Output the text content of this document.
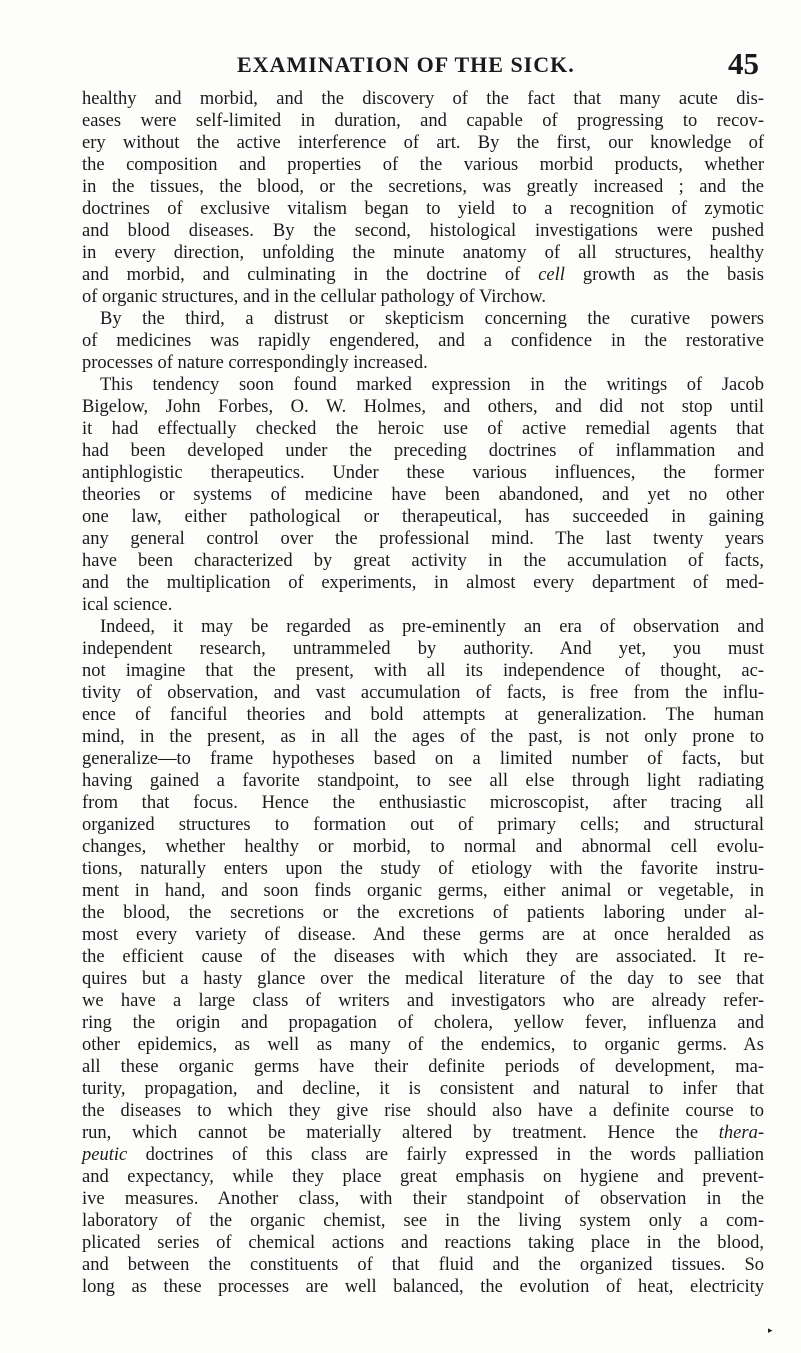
EXAMINATION OF THE SICK.	45
healthy and morbid, and the discovery of the fact that many acute dis-
eases were self-limited in duration, and capable of progressing to recov-
ery without the active interference of art. By the first, our knowledge of
the composition and properties of the various morbid products, whether
in the tissues, the blood, or the secretions, was greatly increased ; and the
doctrines of exclusive vitalism began to yield to a recognition of zymotic
and blood diseases. By the second, histological investigations were pushed
in every direction, unfolding the minute anatomy of all structures, healthy
and morbid, and culminating in the doctrine of cell growth as the basis
of organic structures, and in the cellular pathology of Virchow.
By the third, a distrust or skepticism concerning the curative powers
of medicines was rapidly engendered, and a confidence in the restorative
processes of nature correspondingly increased.
This tendency soon found marked expression in the writings of Jacob
Bigelow, John Forbes, O. W. Holmes, and others, and did not stop until
it had effectually checked the heroic use of active remedial agents that
had been developed under the preceding doctrines of inflammation and
antiphlogistic therapeutics. Under these various influences, the former
theories or systems of medicine have been abandoned, and yet no other
one law, either pathological or therapeutical, has succeeded in gaining
any general control over the professional mind. The last twenty years
have been characterized by great activity in the accumulation of facts,
and the multiplication of experiments, in almost every department of med-
ical science.
Indeed, it may be regarded as pre-eminently an era of observation and
independent research, untrammeled by authority. And yet, you must
not imagine that the present, with all its independence of thought, ac-
tivity of observation, and vast accumulation of facts, is free from the influ-
ence of fanciful theories and bold attempts at generalization. The human
mind, in the present, as in all the ages of the past, is not only prone to
generalize—to frame hypotheses based on a limited number of facts, but
having gained a favorite standpoint, to see all else through light radiating
from that focus. Hence the enthusiastic microscopist, after tracing all
organized structures to formation out of primary cells; and structural
changes, whether healthy or morbid, to normal and abnormal cell evolu-
tions, naturally enters upon the study of etiology with the favorite instru-
ment in hand, and soon finds organic germs, either animal or vegetable, in
the blood, the secretions or the excretions of patients laboring under al-
most every variety of disease. And these germs are at once heralded as
the efficient cause of the diseases with which they are associated. It re-
quires but a hasty glance over the medical literature of the day to see that
we have a large class of writers and investigators who are already refer-
ring the origin and propagation of cholera, yellow fever, influenza and
other epidemics, as well as many of the endemics, to organic germs. As
all these organic germs have their definite periods of development, ma-
turity, propagation, and decline, it is consistent and natural to infer that
the diseases to which they give rise should also have a definite course to
run, which cannot be materially altered by treatment. Hence the thera-
peutic doctrines of this class are fairly expressed in the words palliation
and expectancy, while they place great emphasis on hygiene and prevent-
ive measures. Another class, with their standpoint of observation in the
laboratory of the organic chemist, see in the living system only a com-
plicated series of chemical actions and reactions taking place in the blood,
and between the constituents of that fluid and the organized tissues. So
long as these processes are well balanced, the evolution of heat, electricity
▸
